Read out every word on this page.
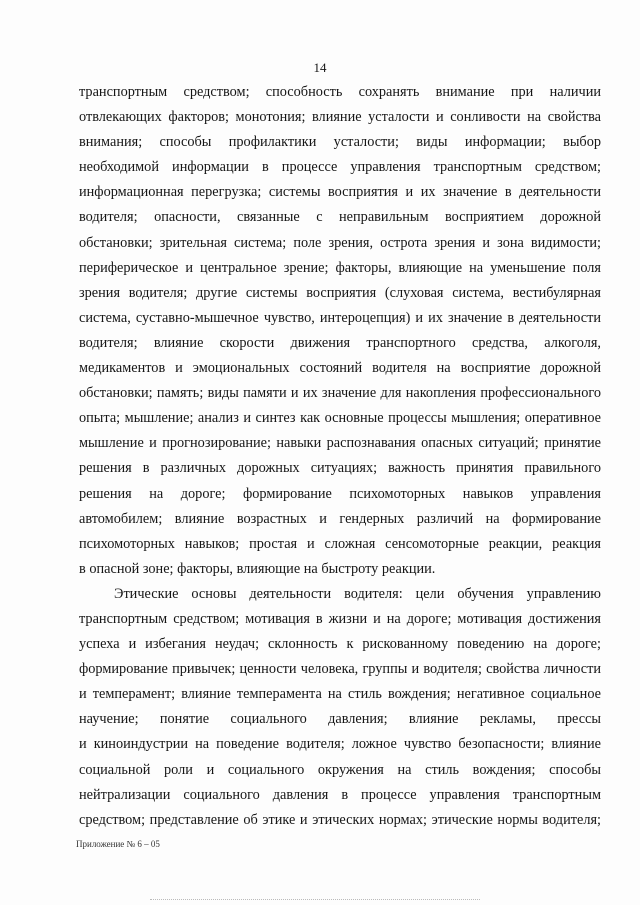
14
транспортным средством; способность сохранять внимание при наличии
отвлекающих факторов; монотония; влияние усталости и сонливости на свойства
внимания; способы профилактики усталости; виды информации; выбор
необходимой информации в процессе управления транспортным средством;
информационная перегрузка; системы восприятия и их значение в деятельности
водителя; опасности, связанные с неправильным восприятием дорожной
обстановки; зрительная система; поле зрения, острота зрения и зона видимости;
периферическое и центральное зрение; факторы, влияющие на уменьшение поля
зрения водителя; другие системы восприятия (слуховая система, вестибулярная
система, суставно-мышечное чувство, интероцепция) и их значение в деятельности
водителя; влияние скорости движения транспортного средства, алкоголя,
медикаментов и эмоциональных состояний водителя на восприятие дорожной
обстановки; память; виды памяти и их значение для накопления профессионального
опыта; мышление; анализ и синтез как основные процессы мышления; оперативное
мышление и прогнозирование; навыки распознавания опасных ситуаций; принятие
решения в различных дорожных ситуациях; важность принятия правильного
решения на дороге; формирование психомоторных навыков управления
автомобилем; влияние возрастных и гендерных различий на формирование
психомоторных навыков; простая и сложная сенсомоторные реакции, реакция
в опасной зоне; факторы, влияющие на быстроту реакции.
Этические основы деятельности водителя: цели обучения управлению
транспортным средством; мотивация в жизни и на дороге; мотивация достижения
успеха и избегания неудач; склонность к рискованному поведению на дороге;
формирование привычек; ценности человека, группы и водителя; свойства личности
и темперамент; влияние темперамента на стиль вождения; негативное социальное
научение; понятие социального давления; влияние рекламы, прессы
и киноиндустрии на поведение водителя; ложное чувство безопасности; влияние
социальной роли и социального окружения на стиль вождения; способы
нейтрализации социального давления в процессе управления транспортным
средством; представление об этике и этических нормах; этические нормы водителя;
Приложение № 6 – 05
